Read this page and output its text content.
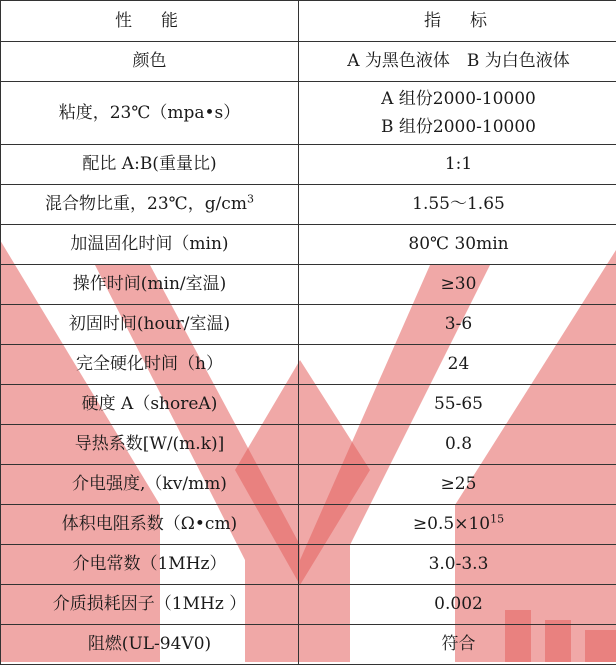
性　能	指　标
颜色	A 为黑色液体　B 为白色液体
粘度，23℃（mpa•s）	A 组份2000-10000
B 组份2000-10000

配比 A:B(重量比)	1:1
混合物比重，23℃，$g/cm^3$	1.55～1.65
加温固化时间（min)	80℃ 30min
操作时间(min/室温)	≥30
初固时间(hour/室温)	3-6
完全硬化时间（h）	24
硬度 A（shoreA)	55-65
导热系数[W/(m.k)]	0.8
介电强度,（kv/mm)	≥25
体积电阻系数（Ω•cm)	$\ge 0.5\times 10^{15}$
介电常数（1MHz）	3.0-3.3
介质损耗因子（1MHz ）	0.002
阻燃(UL-94V0)	符合
